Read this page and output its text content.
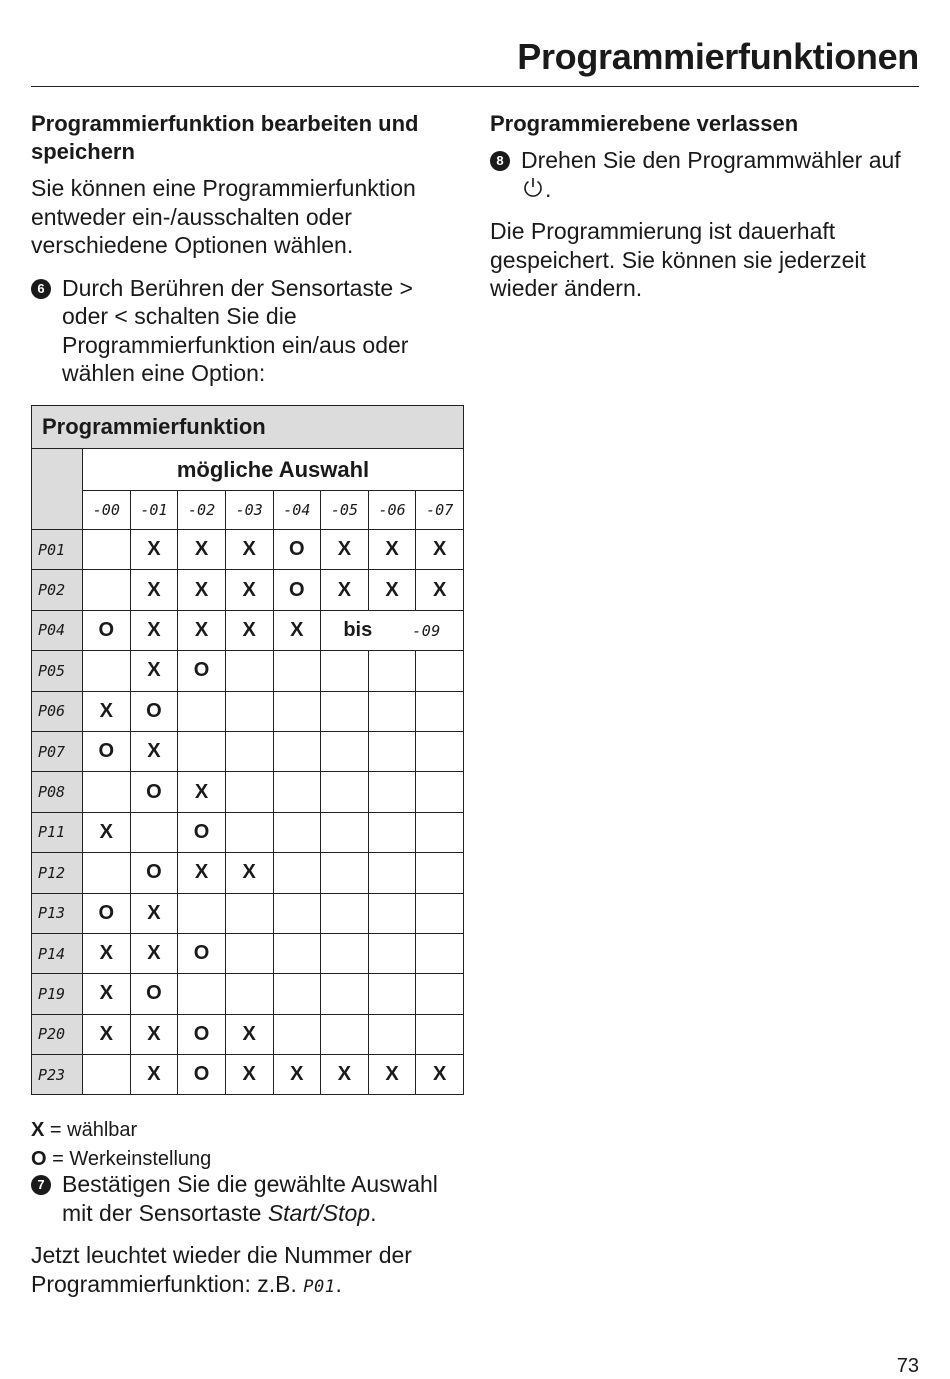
Programmierfunktionen
Programmierfunktion bearbeiten und speichern

Sie können eine Programmierfunktion entweder ein-/ausschalten oder verschiedene Optionen wählen.

6 Durch Berühren der Sensortaste > oder < schalten Sie die Programmierfunktion ein/aus oder wählen eine Option:
Programmierfunktion								
	mögliche Auswahl							
	-00	-01	-02	-03	-04	-05	-06	-07
P01		X	X	X	O	X	X	X
P02		X	X	X	O	X	X	X
P04	O	X	X	X	X	bis -09		
P05		X	O					
P06	X	O						
P07	O	X						
P08		O	X					
P11	X		O					
P12		O	X	X				
P13	O	X						
P14	X	X	O					
P19	X	O						
P20	X	X	O	X				
P23		X	O	X	X	X	X	X
X = wählbar
O = Werkeinstellung
7 Bestätigen Sie die gewählte Auswahl mit der Sensortaste Start/Stop.

Jetzt leuchtet wieder die Nummer der Programmierfunktion: z.B. P01.

Programmierebene verlassen
8 Drehen Sie den Programmwähler auf
.

Die Programmierung ist dauerhaft gespeichert. Sie können sie jederzeit wieder ändern.

73
